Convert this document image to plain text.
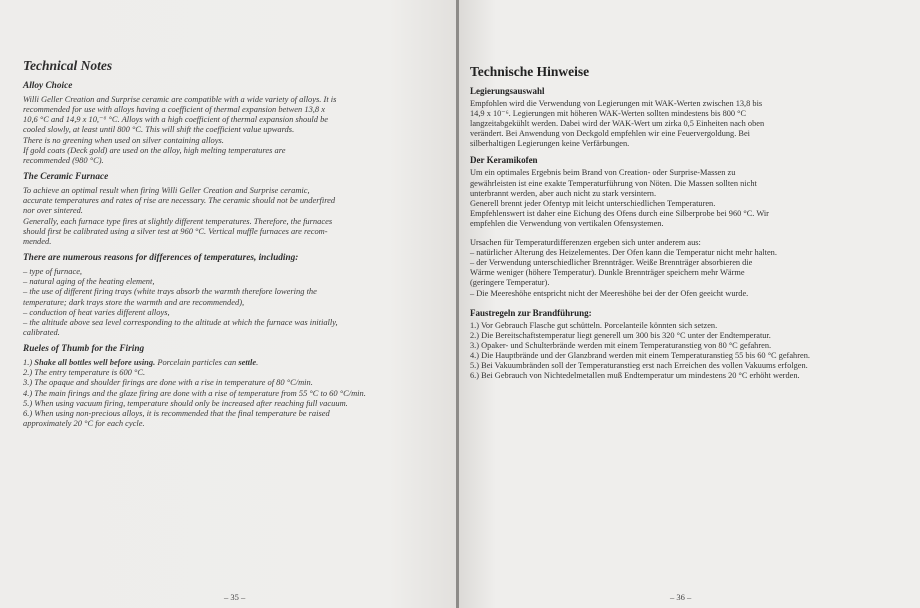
Technical Notes
Alloy Choice
Willi Geller Creation and Surprise ceramic are compatible with a wide variety of alloys. It is
recommended for use with alloys having a coefficient of thermal expansion betwen 13,8 x
10,6 °C and 14,9 x 10,⁻⁶ °C. Alloys with a high coefficient of thermal expansion should be
cooled slowly, at least until 800 °C. This will shift the coefficient value upwards.
There is no greening when used on silver containing alloys.
If gold coats (Deck gold) are used on the alloy, high melting temperatures are
recommended (980 °C).
The Ceramic Furnace
To achieve an optimal result when firing Willi Geller Creation and Surprise ceramic,
accurate temperatures and rates of rise are necessary. The ceramic should not be underfired
nor over sintered.
Generally, each furnace type fires at slightly different temperatures. Therefore, the furnaces
should first be calibrated using a silver test at 960 °C. Vertical muffle furnaces are recom-
mended.
There are numerous reasons for differences of temperatures, including:
– type of furnace,
– natural aging of the heating element,
– the use of different firing trays (white trays absorb the warmth therefore lowering the
temperature; dark trays store the warmth and are recommended),
– conduction of heat varies different alloys,
– the altitude above sea level corresponding to the altitude at which the furnace was initially,
calibrated.
Rueles of Thumb for the Firing
1.) Shake all bottles well before using. Porcelain particles can settle.
2.) The entry temperature is 600 °C.
3.) The opaque and shoulder firings are done with a rise in temperature of 80 °C/min.
4.) The main firings and the glaze firing are done with a rise of temperature from 55 °C to 60 °C/min.
5.) When using vacuum firing, temperature should only be increased after reaching full vacuum.
6.) When using non-precious alloys, it is recommended that the final temperature be raised
approximately 20 °C for each cycle.
– 35 –
Technische Hinweise
Legierungsauswahl
Empfohlen wird die Verwendung von Legierungen mit WAK-Werten zwischen 13,8 bis
14,9 x 10⁻⁶. Legierungen mit höheren WAK-Werten sollten mindestens bis 800 °C
langzeitabgekühlt werden. Dabei wird der WAK-Wert um zirka 0,5 Einheiten nach oben
verändert. Bei Anwendung von Deckgold empfehlen wir eine Feuervergoldung. Bei
silberhaltigen Legierungen keine Verfärbungen.
Der Keramikofen
Um ein optimales Ergebnis beim Brand von Creation- oder Surprise-Massen zu
gewährleisten ist eine exakte Temperaturführung von Nöten. Die Massen sollten nicht
unterbrannt werden, aber auch nicht zu stark versintern.
Generell brennt jeder Ofentyp mit leicht unterschiedlichen Temperaturen.
Empfehlenswert ist daher eine Eichung des Ofens durch eine Silberprobe bei 960 °C. Wir
empfehlen die Verwendung von vertikalen Ofensystemen.
Ursachen für Temperaturdifferenzen ergeben sich unter anderem aus:
– natürlicher Alterung des Heizelementes. Der Ofen kann die Temperatur nicht mehr halten.
– der Verwendung unterschiedlicher Brennträger. Weiße Brennträger absorbieren die
Wärme weniger (höhere Temperatur). Dunkle Brennträger speichern mehr Wärme
(geringere Temperatur).
– Die Meereshöhe entspricht nicht der Meereshöhe bei der der Ofen geeicht wurde.
Faustregeln zur Brandführung:
1.) Vor Gebrauch Flasche gut schütteln. Porcelanteile könnten sich setzen.
2.) Die Bereitschaftstemperatur liegt generell um 300 bis 320 °C unter der Endtemperatur.
3.) Opaker- und Schulterbrände werden mit einem Temperaturanstieg von 80 °C gefahren.
4.) Die Hauptbrände und der Glanzbrand werden mit einem Temperaturanstieg 55 bis 60 °C gefahren.
5.) Bei Vakuumbränden soll der Temperaturanstieg erst nach Erreichen des vollen Vakuums erfolgen.
6.) Bei Gebrauch von Nichtedelmetallen muß Endtemperatur um mindestens 20 °C erhöht werden.
– 36 –
